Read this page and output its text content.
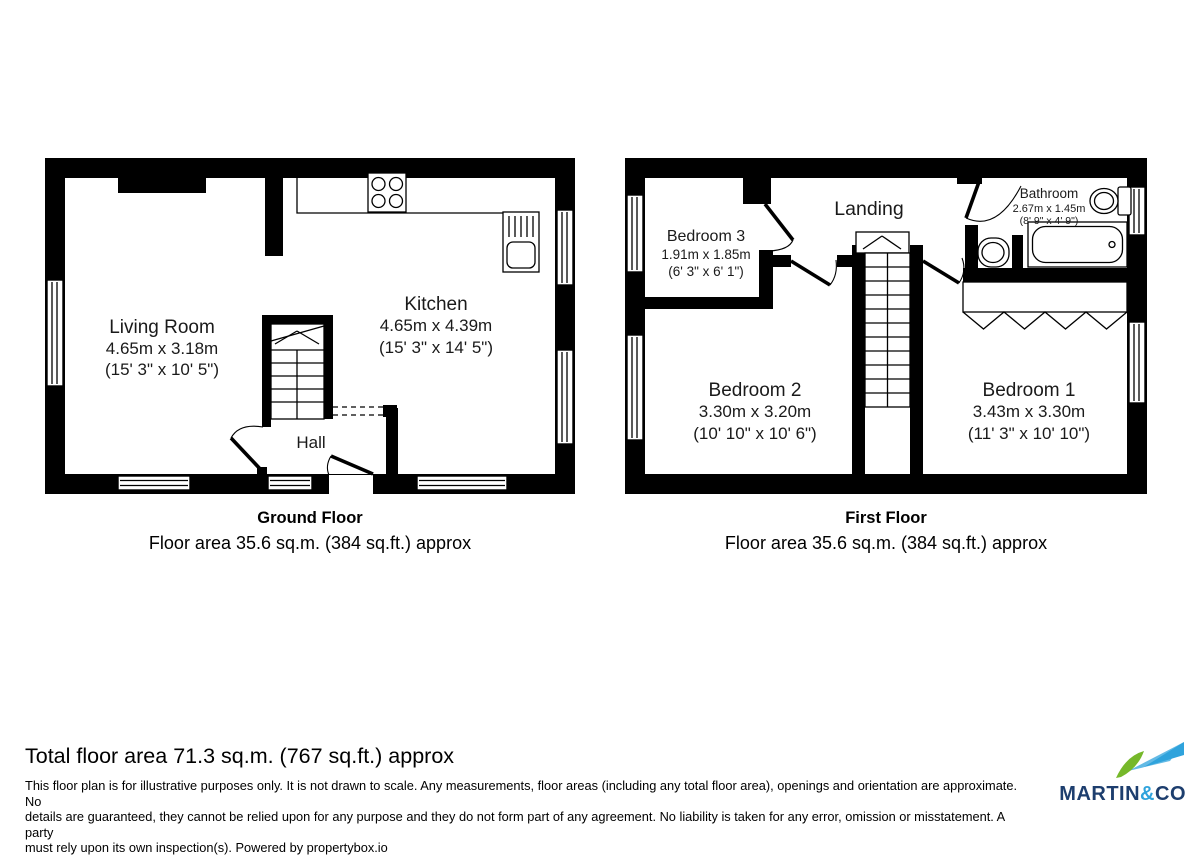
Living Room
4.65m x 3.18m
(15' 3" x 10' 5")
Kitchen
4.65m x 4.39m
(15' 3" x 14' 5")
Hall
Bedroom 3
1.91m x 1.85m
(6' 3" x 6' 1")
Landing
Bathroom
2.67m x 1.45m
(8' 9" x 4' 9")
Bedroom 2
3.30m x 3.20m
(10' 10" x 10' 6")
Bedroom 1
3.43m x 3.30m
(11' 3" x 10' 10")
Ground Floor
Floor area 35.6 sq.m. (384 sq.ft.) approx
First Floor
Floor area 35.6 sq.m. (384 sq.ft.) approx
Total floor area 71.3 sq.m. (767 sq.ft.) approx
This floor plan is for illustrative purposes only. It is not drawn to scale. Any measurements, floor areas (including any total floor area), openings and orientation are approximate. No
details are guaranteed, they cannot be relied upon for any purpose and they do not form part of any agreement. No liability is taken for any error, omission or misstatement. A party
must rely upon its own inspection(s). Powered by propertybox.io
MARTIN&CO
